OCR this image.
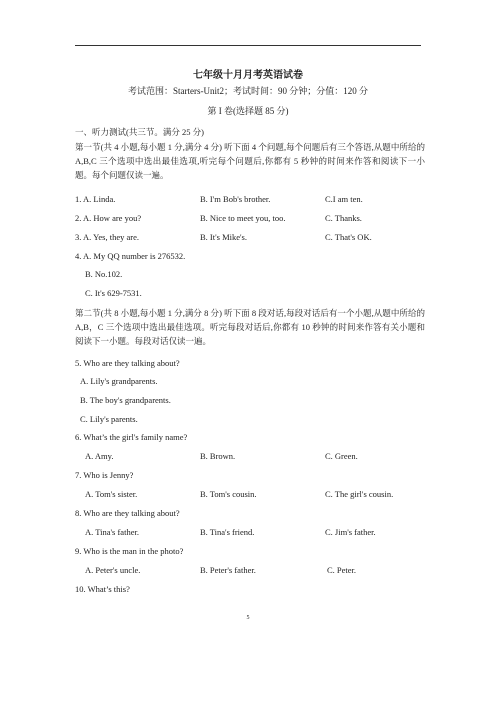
七年级十月月考英语试卷
考试范围：Starters-Unit2；考试时间：90 分钟；分值：120 分
第 I 卷(选择题 85 分)
一、听力测试(共三节。满分 25 分)
第一节(共 4 小题,每小题 1 分,满分 4 分) 听下面 4 个问题,每个问题后有三个答语,从题中所给的 A,B,C 三个选项中选出最佳选项,听完每个问题后,你都有 5 秒钟的时间来作答和阅读下一小题。每个问题仅读一遍。
1. A. Linda.	B. I'm Bob's brother.	C.I am ten.
2. A. How are you?	B. Nice to meet you, too.	C. Thanks.
3. A. Yes, they are.	B. It's Mike's.	C. That's OK.
4. A. My QQ number is 276532.
B. No.102.
C. It's 629-7531.
第二节(共 8 小题,每小题 1 分,满分 8 分) 听下面 8 段对话,每段对话后有一个小题,从题中所给的 A,B，C 三个选项中选出最佳选项。听完每段对话后,你都有 10 秒钟的时间来作答有关小题和阅读下一小题。每段对话仅读一遍。
5. Who are they talking about?
A. Lily's grandparents.
B. The boy's grandparents.
C. Lily's parents.
6. What’s the girl's family name?
A. Amy.	B. Brown.	C. Green.
7. Who is Jenny?
A. Tom's sister.	B. Tom's cousin.	C. The girl's cousin.
8. Who are they talking about?
A. Tina's father.	B. Tina's friend.	C. Jim's father.
9. Who is the man in the photo?
A. Peter's uncle.	B. Peter's father.	C. Peter.
10. What’s this?
5
